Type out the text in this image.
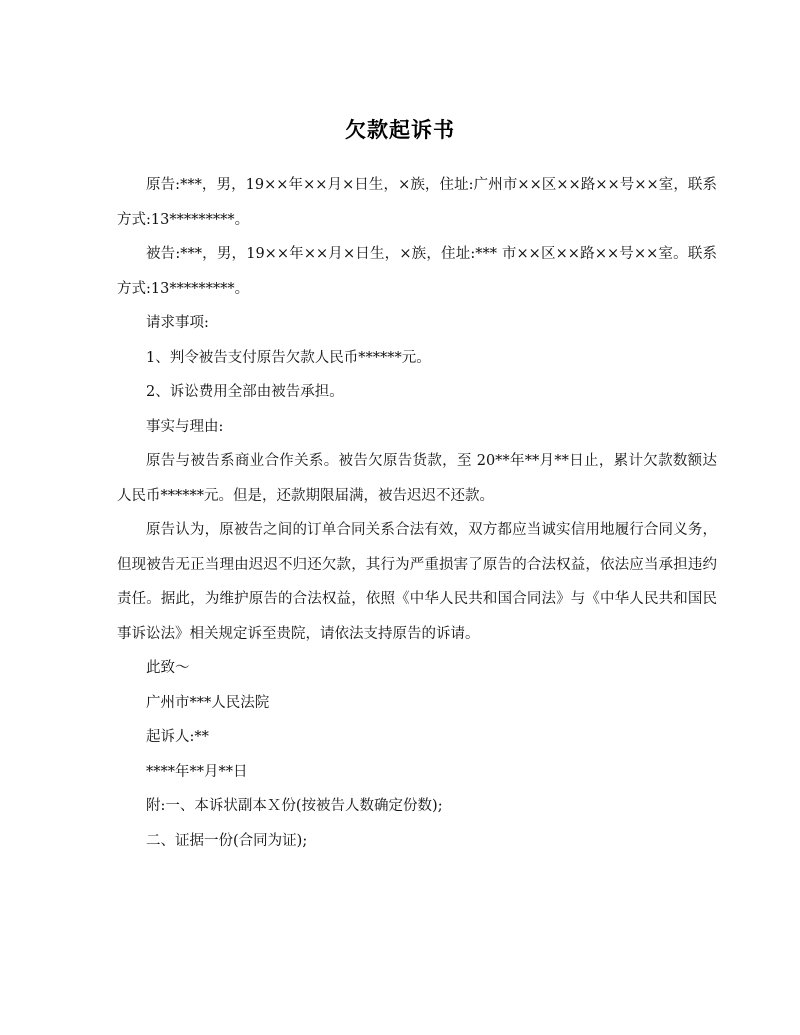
欠款起诉书

原告:***，男，19××年××月×日生，×族，住址:广州市××区××路××号××室，联系 方式:13*********。

被告:***，男，19××年××月×日生，×族，住址:*** 市××区××路××号××室。联系 方式:13*********。

请求事项:

1、判令被告支付原告欠款人民币******元。

2、诉讼费用全部由被告承担。

事实与理由:

原告与被告系商业合作关系。被告欠原告货款，至 20**年**月**日止，累计欠款数额达人民币******元。但是，还款期限届满，被告迟迟不还款。

原告认为，原被告之间的订单合同关系合法有效，双方都应当诚实信用地履行合同义务，但现被告无正当理由迟迟不归还欠款，其行为严重损害了原告的合法权益，依法应当承担违约责任。据此，为维护原告的合法权益，依照《中华人民共和国合同法》与《中华人民共和国民事诉讼法》相关规定诉至贵院，请依法支持原告的诉请。

此致～

广州市***人民法院

起诉人:**

****年**月**日

附:一、本诉状副本Ｘ份(按被告人数确定份数);

二、证据一份(合同为证);
